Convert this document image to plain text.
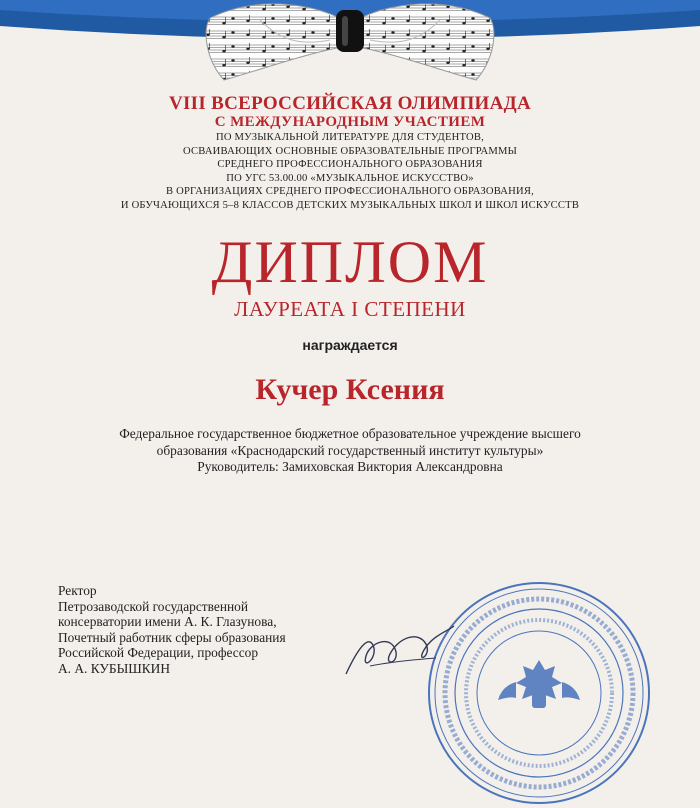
VIII ВСЕРОССИЙСКАЯ ОЛИМПИАДА
С МЕЖДУНАРОДНЫМ УЧАСТИЕМ
ПО МУЗЫКАЛЬНОЙ ЛИТЕРАТУРЕ ДЛЯ СТУДЕНТОВ,
ОСВАИВАЮЩИХ ОСНОВНЫЕ ОБРАЗОВАТЕЛЬНЫЕ ПРОГРАММЫ
СРЕДНЕГО ПРОФЕССИОНАЛЬНОГО ОБРАЗОВАНИЯ
ПО УГС 53.00.00 «МУЗЫКАЛЬНОЕ ИСКУССТВО»
В ОРГАНИЗАЦИЯХ СРЕДНЕГО ПРОФЕССИОНАЛЬНОГО ОБРАЗОВАНИЯ,
И ОБУЧАЮЩИХСЯ 5–8 КЛАССОВ ДЕТСКИХ МУЗЫКАЛЬНЫХ ШКОЛ И ШКОЛ ИСКУССТВ
ДИПЛОМ
ЛАУРЕАТА I СТЕПЕНИ
награждается
Кучер Ксения
Федеральное государственное бюджетное образовательное учреждение высшего
образования «Краснодарский государственный институт культуры»
Руководитель: Замиховская Виктория Александровна
Ректор
Петрозаводской государственной
консерватории имени А. К. Глазунова,
Почетный работник сферы образования
Российской Федерации, профессор
А. А. КУБЫШКИН
